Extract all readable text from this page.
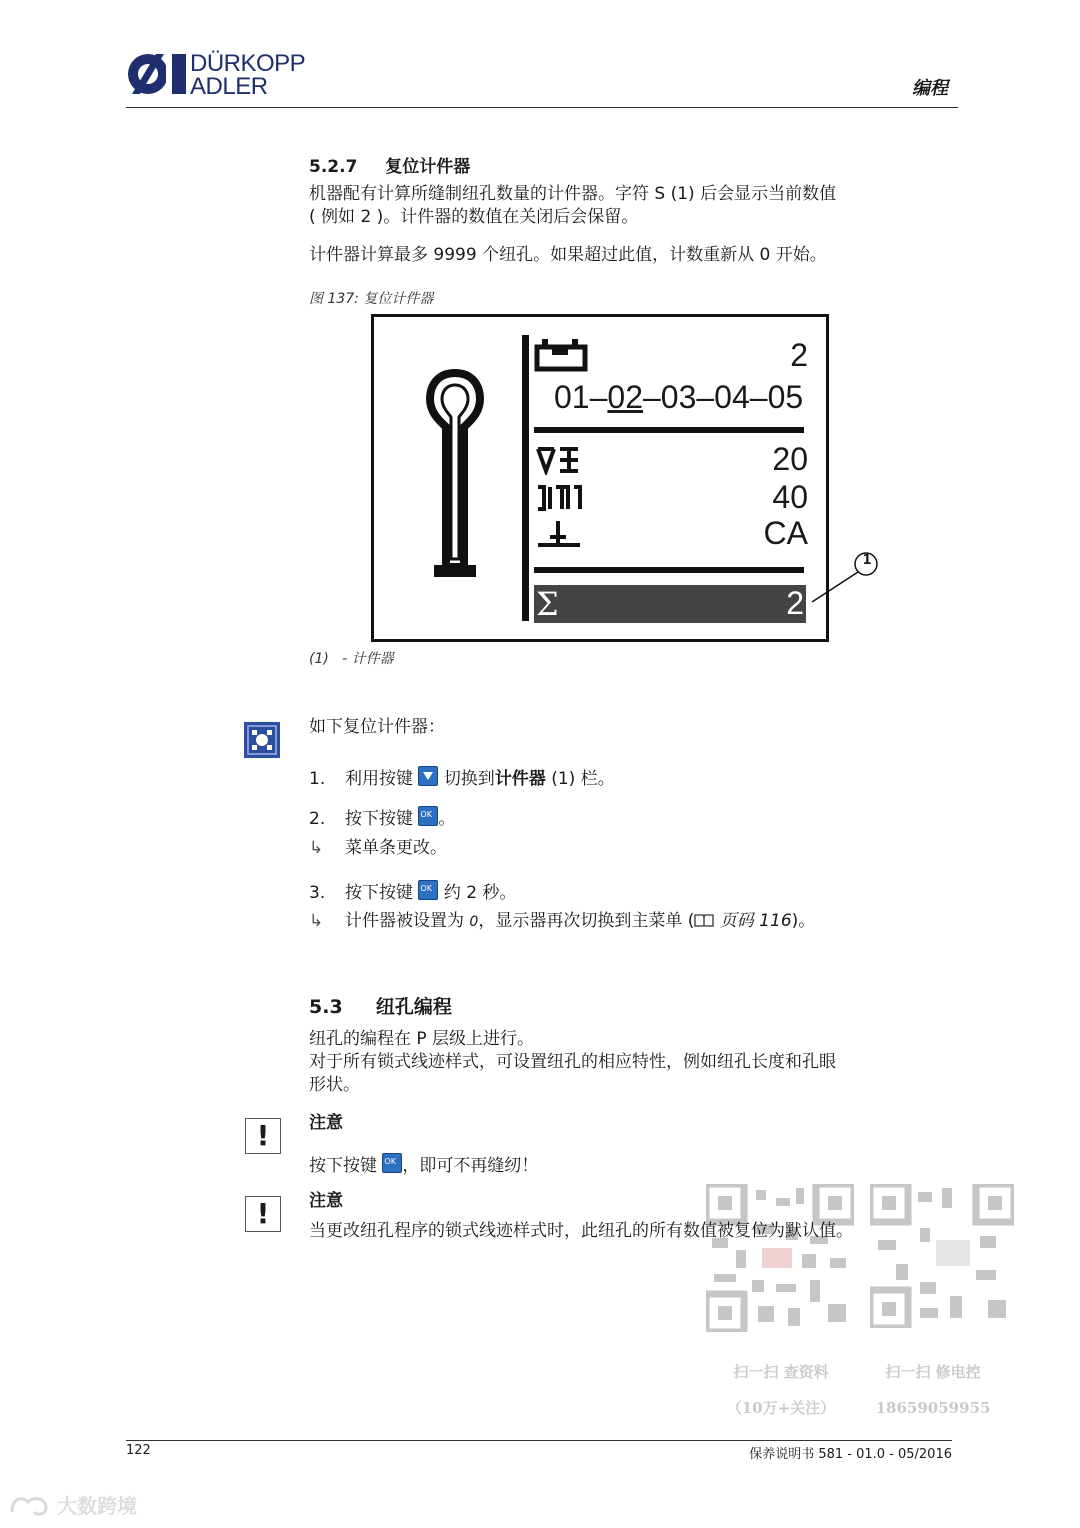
DÜRKOPP
ADLER	编程
5.2.7 复位计件器
机器配有计算所缝制纽孔数量的计件器。字符 S (1) 后会显示当前数值
( 例如 2 )。计件器的数值在关闭后会保留。
计件器计算最多 9999 个纽孔。如果超过此值，计数重新从 0 开始。
图 137: 复位计件器
2
01–02–03–04–05
20
40
CA
Σ	2
1
(1)   - 计件器
如下复位计件器：
1. 利用按键 切换到计件器 (1) 栏。
2. 按下按键 OK 。
↳ 菜单条更改。
3. 按下按键 OK 约 2 秒。
↳ 计件器被设置为 0，显示器再次切换到主菜单 ( 页码 116)。
5.3 纽孔编程
纽孔的编程在 P 层级上进行。
对于所有锁式线迹样式，可设置纽孔的相应特性，例如纽孔长度和孔眼
形状。
!	注意
按下按键 OK ，即可不再缝纫！
!	注意
当更改纽孔程序的锁式线迹样式时，此纽孔的所有数值被复位为默认值。
扫一扫 查资料
（10万+关注）
扫一扫 修电控
18659059955
122	保养说明书 581 - 01.0 - 05/2016
大数跨境
